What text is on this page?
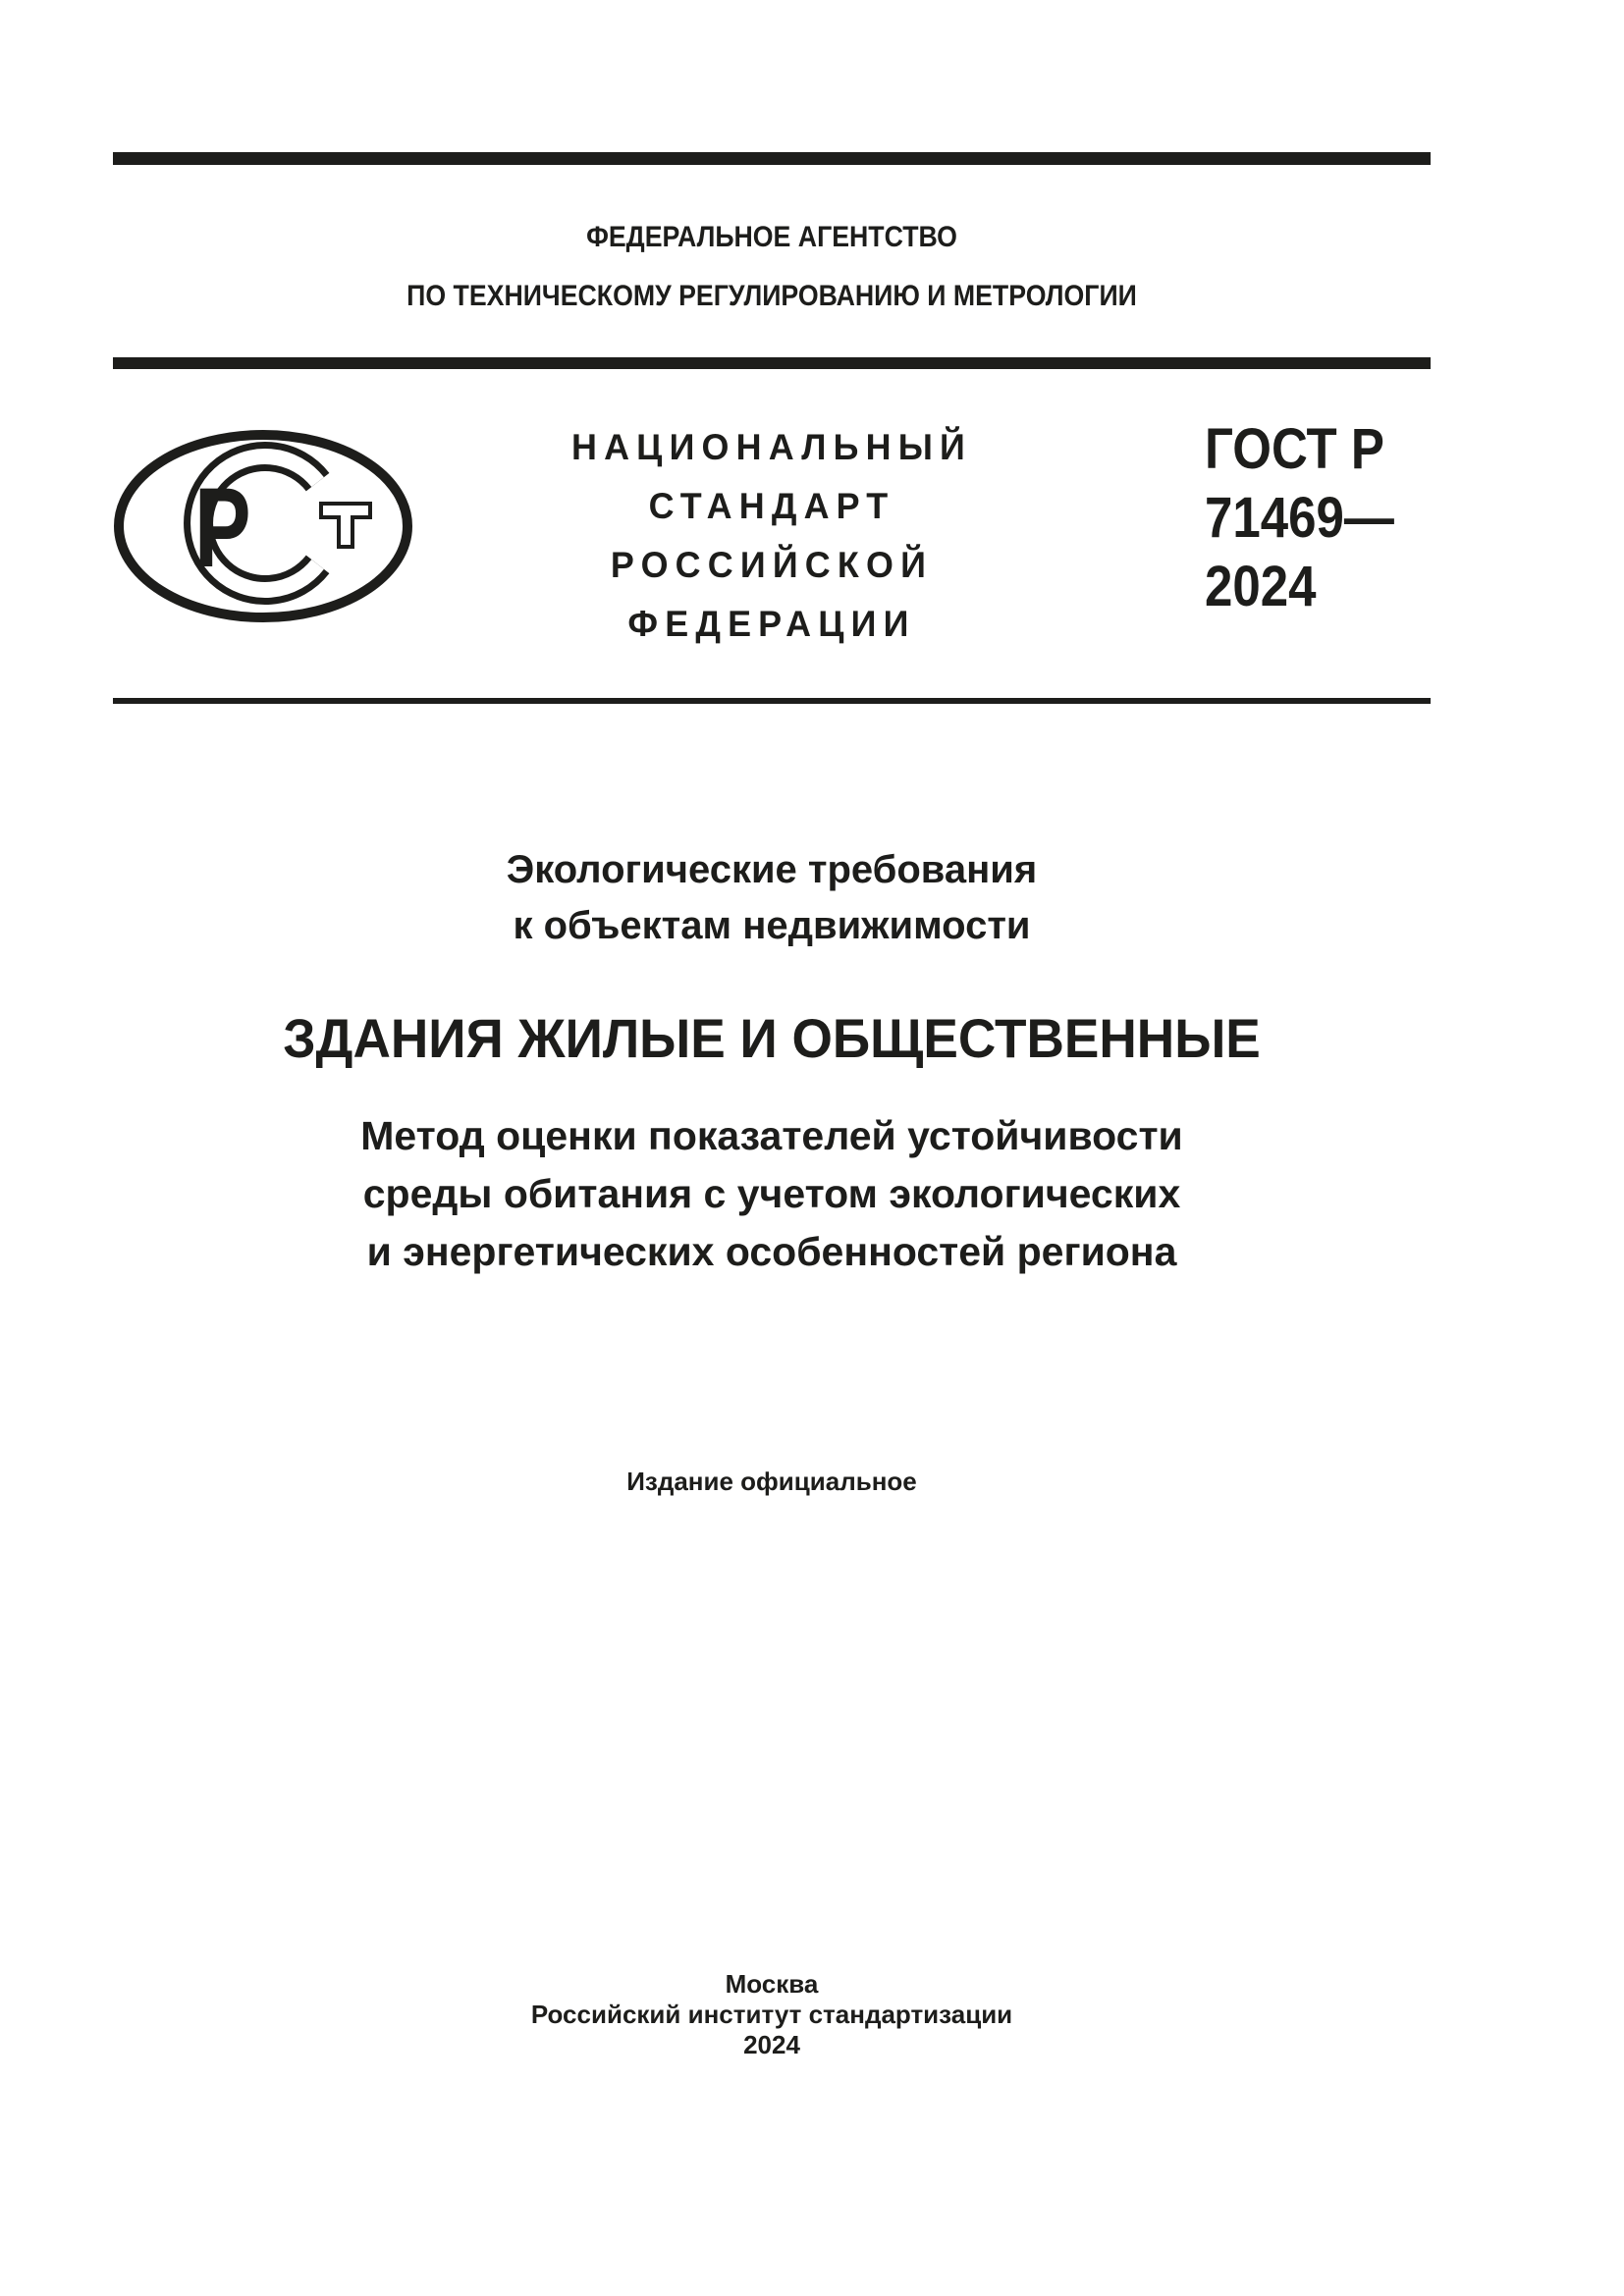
ФЕДЕРАЛЬНОЕ АГЕНТСТВО
ПО ТЕХНИЧЕСКОМУ РЕГУЛИРОВАНИЮ И МЕТРОЛОГИИ
Р
НАЦИОНАЛЬНЫЙ
СТАНДАРТ
РОССИЙСКОЙ
ФЕДЕРАЦИИ
ГОСТ Р
71469—
2024
Экологические требования
к объектам недвижимости
ЗДАНИЯ ЖИЛЫЕ И ОБЩЕСТВЕННЫЕ
Метод оценки показателей устойчивости
среды обитания с учетом экологических
и энергетических особенностей региона
Издание официальное
Москва
Российский институт стандартизации
2024
